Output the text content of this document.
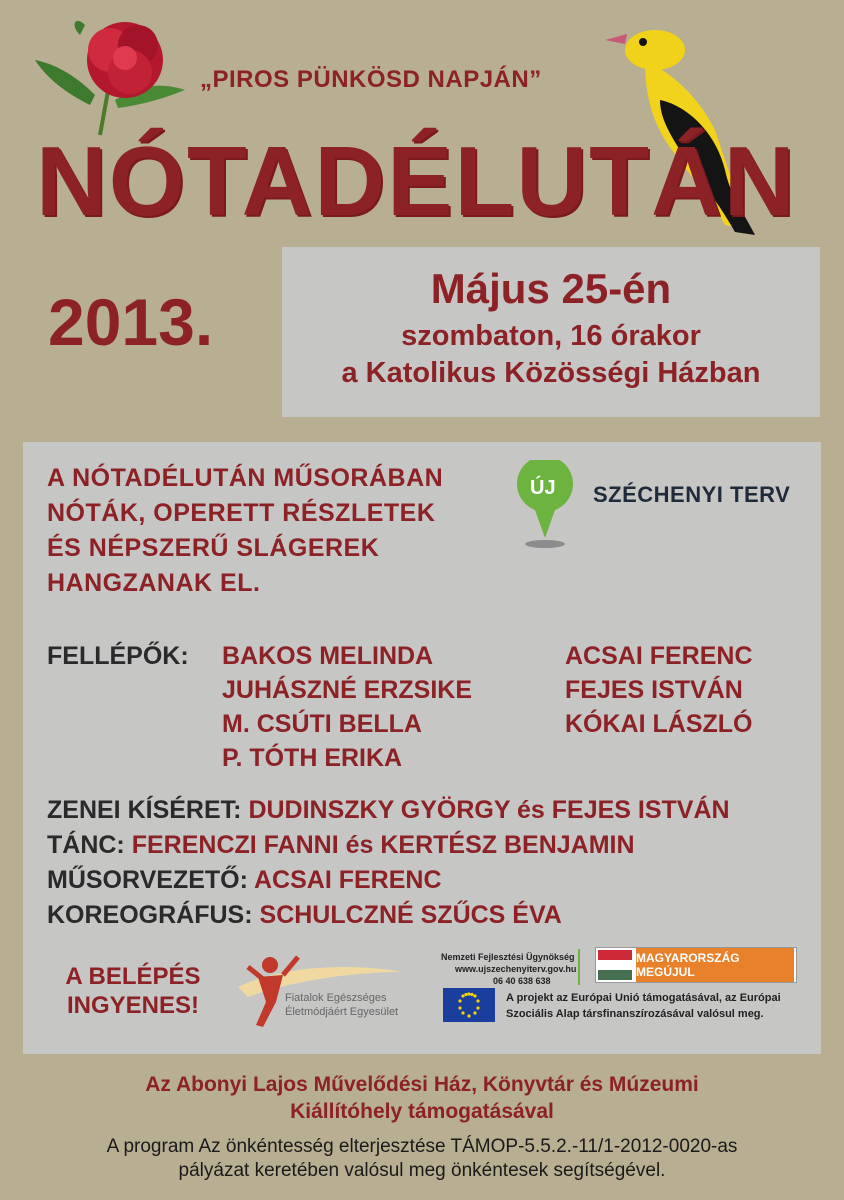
„PIROS PÜNKÖSD NAPJÁN”
NÓTADÉLUTÁN
2013.	Május 25-én
szombaton, 16 órakor
a Katolikus Közösségi Házban
A NÓTADÉLUTÁN MŰSORÁBAN
NÓTÁK, OPERETT RÉSZLETEK
ÉS NÉPSZERŰ SLÁGEREK
HANGZANAK EL.
ÚJ SZÉCHENYI TERV
FELLÉPŐK: BAKOS MELINDA
JUHÁSZNÉ ERZSIKE
M. CSÚTI BELLA
P. TÓTH ERIKA
ACSAI FERENC
FEJES ISTVÁN
KÓKAI LÁSZLÓ
ZENEI KÍSÉRET: DUDINSZKY GYÖRGY és FEJES ISTVÁN
TÁNC: FERENCZI FANNI és KERTÉSZ BENJAMIN
MŰSORVEZETŐ: ACSAI FERENC
KOREOGRÁFUS: SCHULCZNÉ SZŰCS ÉVA
A BELÉPÉS
INGYENES!	Fiatalok Egészséges
Életmódjáért Egyesület
Nemzeti Fejlesztési Ügynökség
www.ujszechenyiterv.gov.hu
06 40 638 638
MAGYARORSZÁG MEGÚJUL
A projekt az Európai Unió támogatásával, az Európai
Szociális Alap társfinanszírozásával valósul meg.
Az Abonyi Lajos Művelődési Ház, Könyvtár és Múzeumi
Kiállítóhely támogatásával
A program Az önkéntesség elterjesztése TÁMOP-5.5.2.-11/1-2012-0020-as
pályázat keretében valósul meg önkéntesek segítségével.
